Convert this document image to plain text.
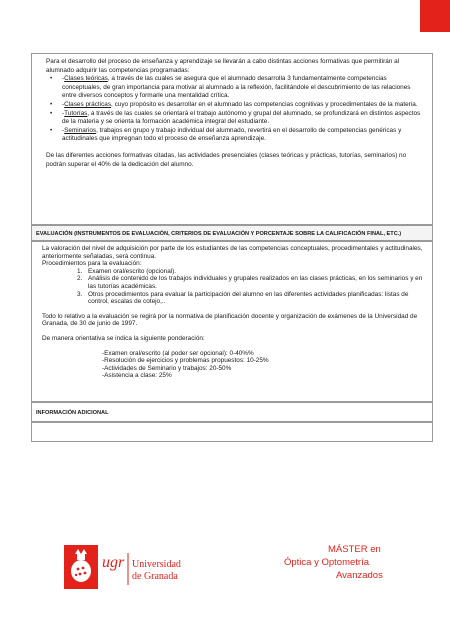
Para el desarrollo del proceso de enseñanza y aprendizaje se llevarán a cabo distintas acciones formativas que permitirán al alumnado adquirir las competencias programadas:

• -Clases teóricas, a través de las cuales se asegura que el alumnado desarrolla 3 fundamentalmente competencias conceptuales, de gran importancia para motivar al alumnado a la reflexión, facilitándole el descubrimiento de las relaciones entre diversos conceptos y formarle una mentalidad crítica.
• -Clases prácticas, cuyo propósito es desarrollar en el alumnado las competencias cognitivas y procedimentales de la materia.
• -Tutorías, a través de las cuales se orientará el trabajo autónomo y grupal del alumnado, se profundizará en distintos aspectos de la materia y se orienta la formación académica integral del estudiante.
• -Seminarios, trabajos en grupo y trabajo individual del alumnado, revertirá en el desarrollo de competencias genéricas y actitudinales que impregnan todo el proceso de enseñanza aprendizaje.

De las diferentes acciones formativas citadas, las actividades presenciales (clases teóricas y prácticas, tutorías, seminarios) no podrán superar el 40% de la dedicación del alumno.

EVALUACIÓN (INSTRUMENTOS DE EVALUACIÓN, CRITERIOS DE EVALUACIÓN Y PORCENTAJE SOBRE LA CALIFICACIÓN FINAL, ETC.)

La valoración del nivel de adquisición por parte de los estudiantes de las competencias conceptuales, procedimentales y actitudinales, anteriormente señaladas, será continua.

Procedimientos para la evaluación:

1. Examen oral/escrito (opcional).
2. Análisis de contenido de los trabajos individuales y grupales realizados en las clases prácticas, en los seminarios y en las tutorías académicas.
3. Otros procedimientos para evaluar la participación del alumno en las diferentes actividades planificadas: listas de control, escalas de cotejo,..

Todo lo relativo a la evaluación se regirá por la normativa de planificación docente y organización de exámenes de la Universidad de Granada, de 30 de junio de 1997.

De manera orientativa se indica la siguiente ponderación:

-Examen oral/escrito (al poder ser opcional): 0-40%%
-Resolución de ejercicios y problemas propuestos: 10-25%
-Actividades de Seminario y trabajos: 20-50%
-Asistencia a clase: 25%
INFORMACIÓN ADICIONAL
ugr Universidad
de Granada
MÁSTER en
Óptica y Optometría
Avanzados
